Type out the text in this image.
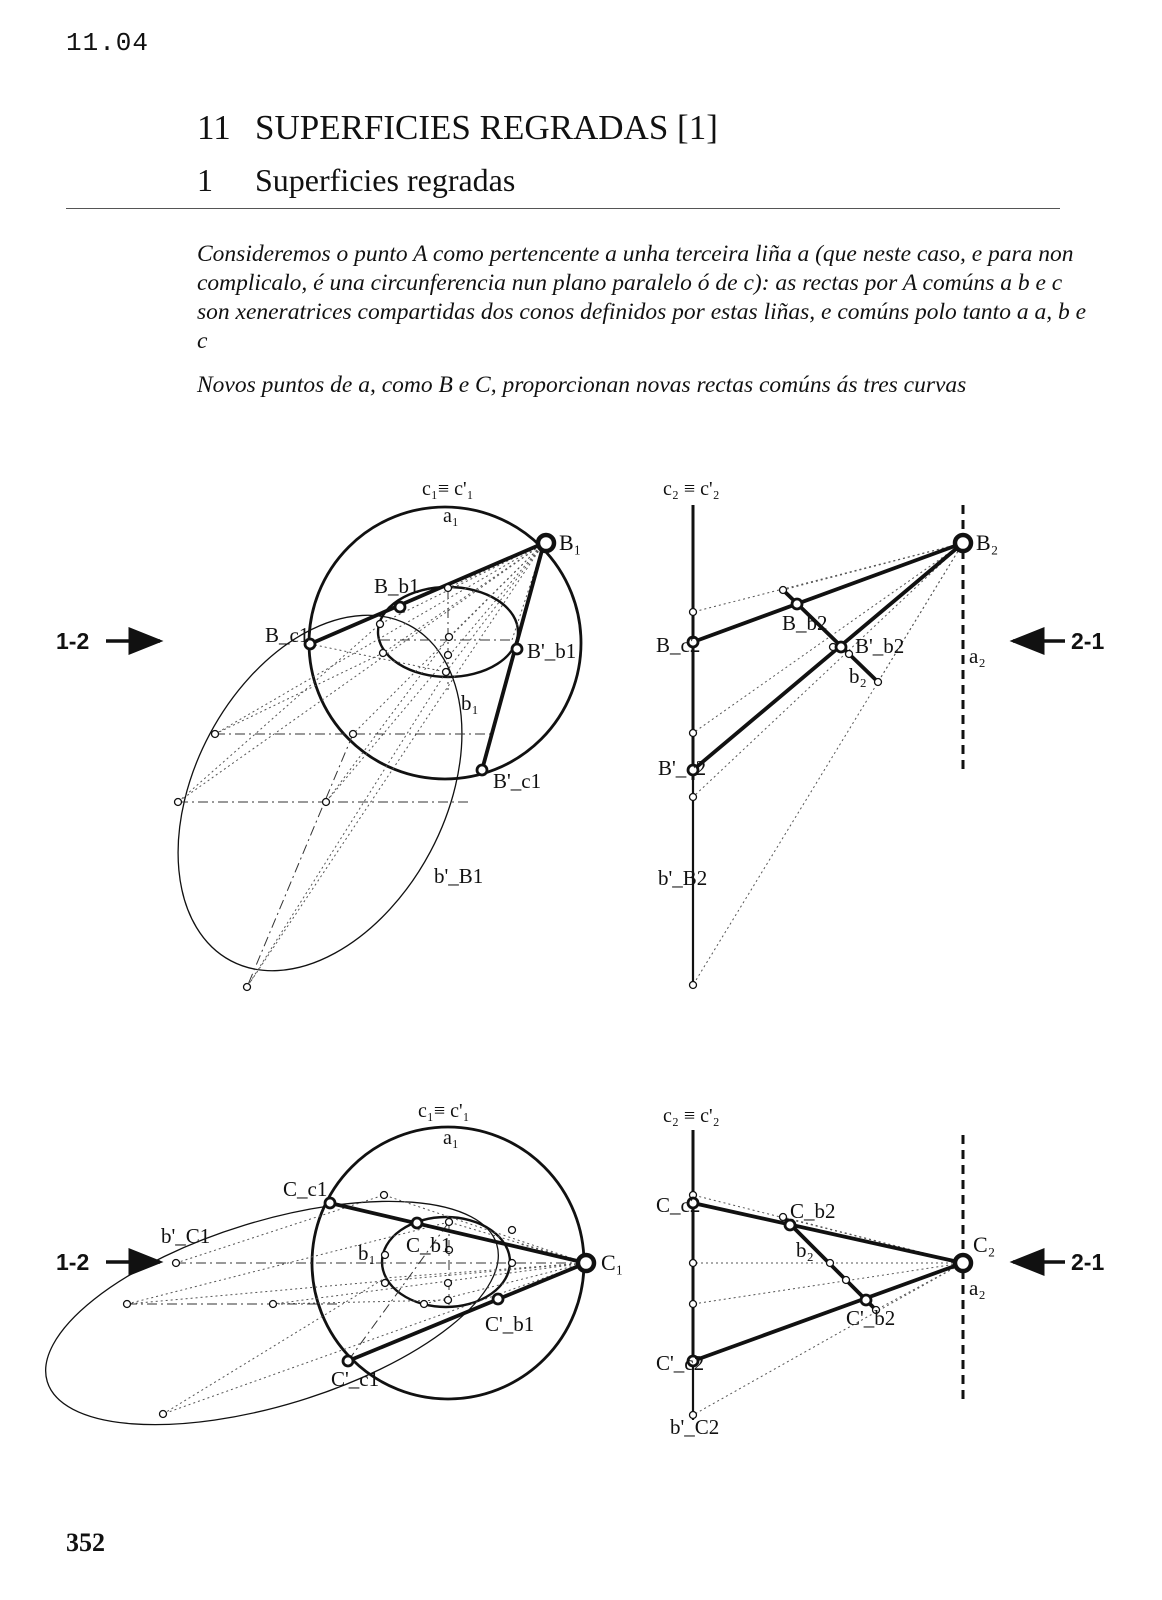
11.04
11 SUPERFICIES REGRADAS [1]
1 Superficies regradas

Consideremos o punto A como pertencente a unha terceira liña a (que neste caso, e para non complicalo, é una circunferencia nun plano paralelo ó de c): as rectas por A comúns a b e c son xeneratrices compartidas dos conos definidos por estas liñas, e comúns polo tanto a a, b e c

Novos puntos de a, como B e C, proporcionan novas rectas comúns ás tres curvas

c₁≡ c'₁
a₁
B₁
B_b1
B_c1
B'_b1
b₁
B'_c1
b'_B1
c₂ ≡ c'₂
B₂
B_c2
B_b2
B'_b2
b₂
a₂
B'_c2
b'_B2
1-2	2-1
c₁≡ c'₁
a₁
C_c1
b'_C1
b₁ C_b1
C₁
C'_b1
C'_c1
c₂ ≡ c'₂
C_c2	C_b2
b₂	C₂
a₂
C'_b2
C'_c2
b'_C2
1-2	2-1
352
